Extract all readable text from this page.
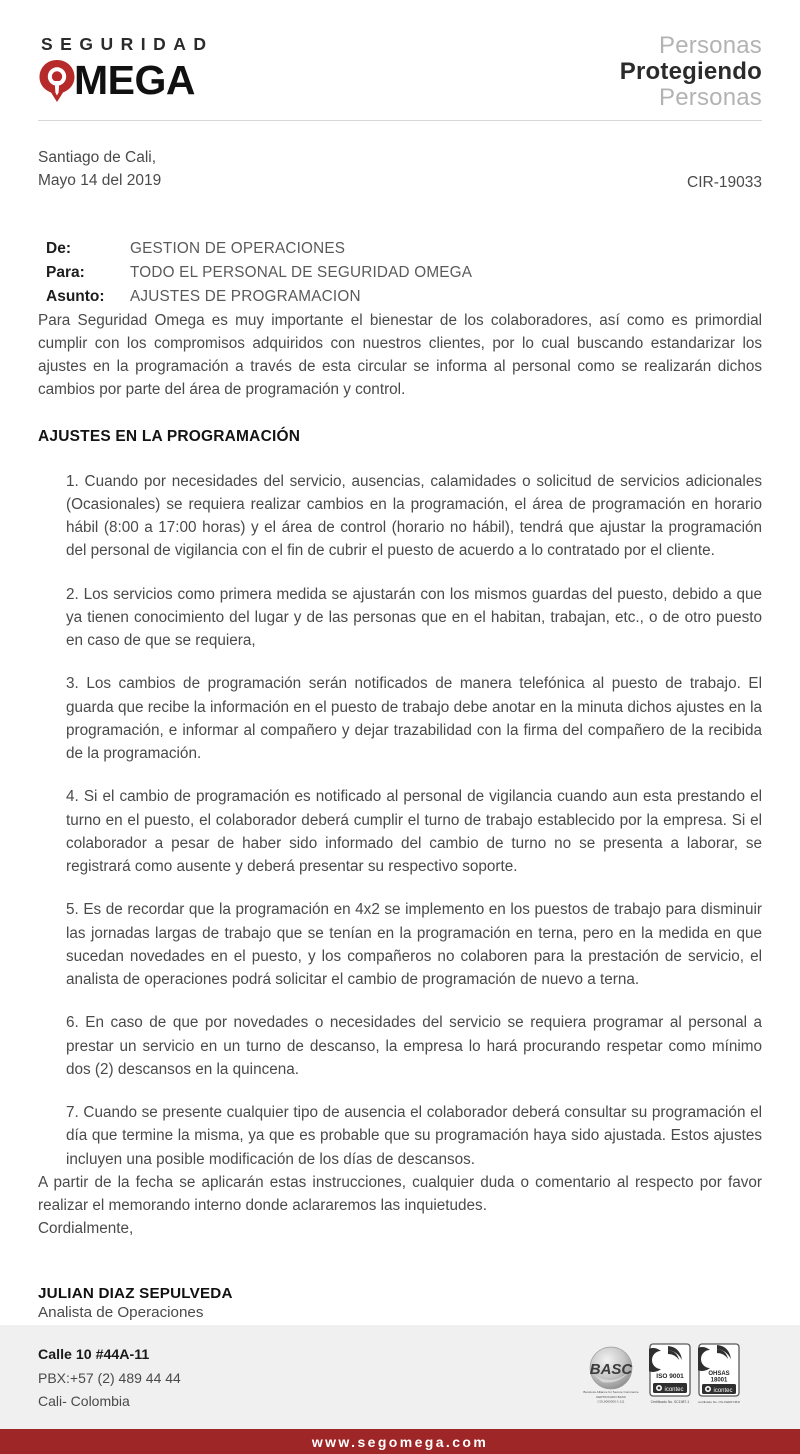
SEGURIDAD
MEGA
Personas
Protegiendo
Personas
Santiago de Cali,
Mayo 14 del 2019	CIR-19033
De:	GESTION DE OPERACIONES
Para:	TODO EL PERSONAL DE SEGURIDAD OMEGA
Asunto:	AJUSTES DE PROGRAMACION

Para Seguridad Omega es muy importante el bienestar de los colaboradores, así como es primordial cumplir con los compromisos adquiridos con nuestros clientes, por lo cual buscando estandarizar los ajustes en la programación a través de esta circular se informa al personal como se realizarán dichos cambios por parte del área de programación y control.

AJUSTES EN LA PROGRAMACIÓN

1. Cuando por necesidades del servicio, ausencias, calamidades o solicitud de servicios adicionales (Ocasionales) se requiera realizar cambios en la programación, el área de programación en horario hábil (8:00 a 17:00 horas) y el área de control (horario no hábil), tendrá que ajustar la programación del personal de vigilancia con el fin de cubrir el puesto de acuerdo a lo contratado por el cliente.

2. Los servicios como primera medida se ajustarán con los mismos guardas del puesto, debido a que ya tienen conocimiento del lugar y de las personas que en el habitan, trabajan, etc., o de otro puesto en caso de que se requiera,

3. Los cambios de programación serán notificados de manera telefónica al puesto de trabajo. El guarda que recibe la información en el puesto de trabajo debe anotar en la minuta dichos ajustes en la programación, e informar al compañero y dejar trazabilidad con la firma del compañero de la recibida de la programación.

4. Si el cambio de programación es notificado al personal de vigilancia cuando aun esta prestando el turno en el puesto, el colaborador deberá cumplir el turno de trabajo establecido por la empresa. Si el colaborador a pesar de haber sido informado del cambio de turno no se presenta a laborar, se registrará como ausente y deberá presentar su respectivo soporte.

5. Es de recordar que la programación en 4x2 se implemento en los puestos de trabajo para disminuir las jornadas largas de trabajo que se tenían en la programación en terna, pero en la medida en que sucedan novedades en el puesto, y los compañeros no colaboren para la prestación de servicio, el analista de operaciones podrá solicitar el cambio de programación de nuevo a terna.

6. En caso de que por novedades o necesidades del servicio se requiera programar al personal a prestar un servicio en un turno de descanso, la empresa lo hará procurando respetar como mínimo dos (2) descansos en la quincena.

7. Cuando se presente cualquier tipo de ausencia el colaborador deberá consultar su programación el día que termine la misma, ya que es probable que su programación haya sido ajustada. Estos ajustes incluyen una posible modificación de los días de descansos.

A partir de la fecha se aplicarán estas instrucciones, cualquier duda o comentario al respecto por favor realizar el memorando interno donde aclararemos las inquietudes.

Cordialmente,

JULIAN DIAZ SEPULVEDA
Analista de Operaciones
Calle 10 #44A-11
PBX:+57 (2) 489 44 44
Cali- Colombia
BASC
Business Alliance for Secure Commerce
CERTIFICADO BASC
COL0000000-1-111
ISO 9001
icontec
Certificado No. SC1987-1
OHSAS
18001
icontec
Certificado No. OS-CER074516
www.segomega.com
